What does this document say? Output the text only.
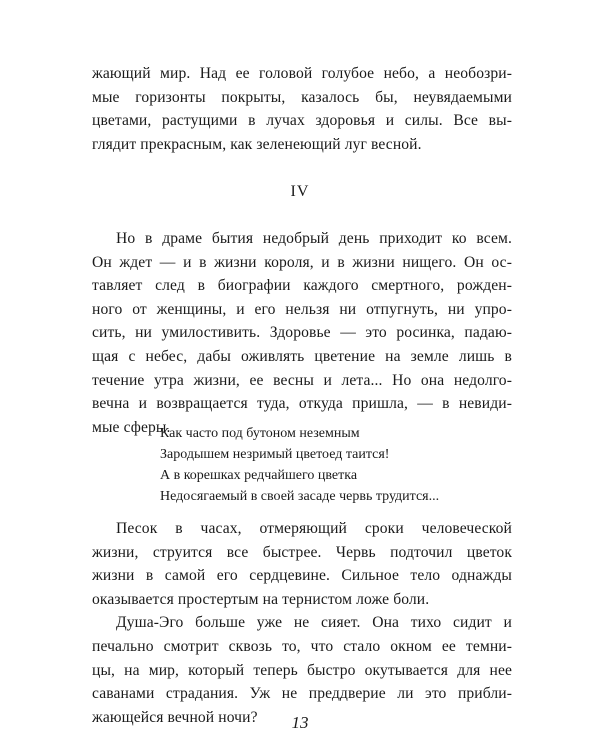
жающий мир. Над ее головой голубое небо, а необозри-
мые горизонты покрыты, казалось бы, неувядаемыми
цветами, растущими в лучах здоровья и силы. Все вы-
глядит прекрасным, как зеленеющий луг весной.
IV
Но в драме бытия недобрый день приходит ко всем.
Он ждет — и в жизни короля, и в жизни нищего. Он ос-
тавляет след в биографии каждого смертного, рожден-
ного от женщины, и его нельзя ни отпугнуть, ни упро-
сить, ни умилостивить. Здоровье — это росинка, падаю-
щая с небес, дабы оживлять цветение на земле лишь в
течение утра жизни, ее весны и лета... Но она недолго-
вечна и возвращается туда, откуда пришла, — в невиди-
мые сферы.
Как часто под бутоном неземным
Зародышем незримый цветоед таится!
А в корешках редчайшего цветка
Недосягаемый в своей засаде червь трудится...
Песок в часах, отмеряющий сроки человеческой
жизни, струится все быстрее. Червь подточил цветок
жизни в самой его сердцевине. Сильное тело однажды
оказывается простертым на тернистом ложе боли.
Душа-Эго больше уже не сияет. Она тихо сидит и
печально смотрит сквозь то, что стало окном ее темни-
цы, на мир, который теперь быстро окутывается для нее
саванами страдания. Уж не преддверие ли это прибли-
жающейся вечной ночи?	13
